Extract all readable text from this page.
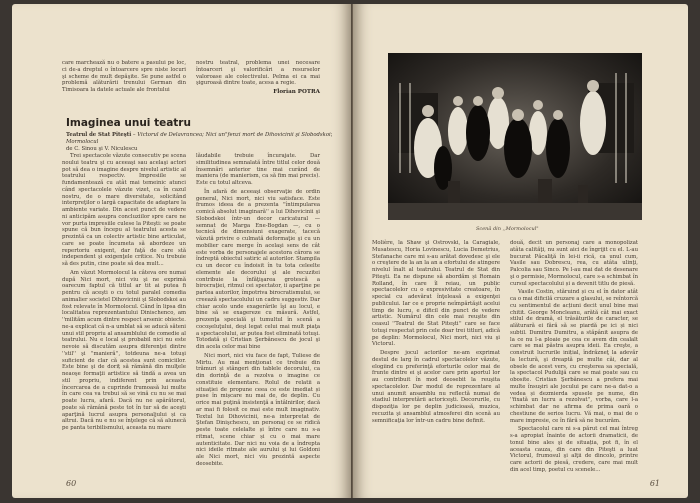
care marchează nu o batere a pasului pe loc, ci de-a dreptul o întoarcere spre niste locuri şi scheme de mult depăşite. Se pune astfel o problemă alăturării trenului German din Timisoara la datele actuale ale frontului

nostru teatral, problema unei necesare întoarceri şi valorificări a resurselor valoroase ale colectivului. Pelma ei ca mai şiguroasă dintre toate, acesa a regie.

Florian POTRA
Imaginea unui teatru
Teatrul de Stat Piteşti – Victorul de Delavrancea; Nici un"fenzi mort de Dihovicinii şi Slobodskoi; Mormolocul
de C. Sinou şi V. Niculescu

Trei spectacole văzute consecutiv pe scena noului teatru şi cu aceeaşi sau acelaşi actori pot să dea o imagine despre nivelul artistic al teatrului respectiv. Impresiile se fundamentează cu atât mai temeinic atunci când spectacolele văzute vizet, ca în cazul nostru, de o mare diversitate, solicitând interpreţilor o largă capacitate de adaptare la ambiente variate. Din acest punct de vedere ni anticipăm asupra concluziilor spre care ne vor purta impresiile culese la Piteşti: se poate spune că bun începu al teatrului acesta se prezintă ca un colectiv artistic bine articulat, care se poate încumeta să abordeze un repertoriu exigent, dar faţă de care stă independent şi exigenţele critice. Nu trebuie să des putin, cine poate să dea mult...

Am văzut Mormolocul la câteva ore numai după Nici mort, nici viu şi ne exprimă oarecum faptul că titlul ar tit ai putea fi pentru că aceşti o cu totul paralel comedia animalier societel Dihovicinii şi Slobodskoi au fost relevate în Mormolocul. Când în lipsa din localitatea reprezentantului Dinischenco, am ''milităm acum dintre respect arsenic obiecte. ne-a explicat că n-a umblat să se aducă săteni unui stil propriu al ansamblului de comedie al teatrului. Nu e local și probabil nici nu este nevoie să discutăm asupra diferenţei dintre ''stil'' şi ''manieră'', totdeuna ne-a totuşi suficient de clar că acestea sunt comiciilor. Este bine şi de doriț să rămână din mulţele neaoşe formaţii artistice să tindă a avea un stil propriu, indiferent prin aceasta încercarea de a cuprinde frumoasă lui multe în care cea va trebui să se vină cu nu se mai poate lucra, afară. Dacă nu ne apărătorul, poate să rămână peste tot în tur să de aceşti aparţină lucrul asupra personaljului și ca altrui. Dacă nu e nu se înţelege că să alunecă pe panta teribilismului, aceasta nu mare

lăudabile trebuie încurajate. Dar similitudinea semnalată între titlul celor două însemnări anterior tine mai curând de maniera (de manierism, ca să fim mai precis). Este cu totul altceva.

În afară de aceeaşi observaţie de ordin general, Nici mort, nici viu satisface. Este frumos ideea de a prezenta ''întimpularea comică absolut imaginară'' a lui Dihovicinii şi Slobodskoi într-un decor caricatural — semnat de Marga Ene-Bogdan —, cu o tecnică de dimensiuni exagerate, tacecă văzută privire o culmată deformaţie şi cu un mobilier care merge în acelaşi sens de cât este vorba de personajele acestora cărora se îndreptă obiectul satiric al autorilor. Stampila cu un decor cu îndoisit în tu tota celeelte elemente ale decorului şi ale recuzitei contribuie la înfăţişarea grotescă a birocraţiei, ritmul cei spectator, ii aparţine pe partea autorilor, împotriva birocratismului, se creează spectacolului un cadru suggestiv. Dar chiar acolo unde exagerările îşi au locul, e bine să se exagereze cu măsură. Astfel, prezenţa specială şi tumultul în scenă a cocoşeluţului, deşi legat celui mai mult piaţa a spectacolului, ar putea fost eliminată totuşi. Totodată şi Cristian Şerbănescu de jocul şi din acela celor mai bine

Nici mort, nici viu face de fapt, Tuliese de Mirtu. Au mai menţionat ce trebuie din trămuri şi stângeri din tablele decorului, ca din dorință de a rezolva o imagine ce constituie elementare. Rolul de relatii a situației de propune ceea ce este imediat și puse în mișcare nu mai de, de deplin. Cu orice mai puţină insistenţă a întâlnirilor, dacă ar mai fi folosit ce mai este mult imaginativ. Textul lui Dihovicinii, ne-a interpretat de Ştefan Dinişchescu, un personaj ce se ridică peste toate celelalte și între care nu s-a ritmat, scene chiar și cu o mai mare autenticitate. Dar nici nu voia de a îndrepta nici ideile ritmate ale aurului şi lui Goldoni ale Nici mort, nici viu prezintă aspecte deosebite.

60	61
Scenă din ,,Mormolocul"

Molière, la Shaw şi Ostrovski, la Caragiale, Musatescu, Horia Lovinescu, Lucia Demetrius, Stefanache care mi s-au arătat dovedesc şi ele o creştere de la an la an a efortului de atingere nivelul înalt al teatrului. Teatrul de Stat din Piteşti. Ea ne dispune să abordăm și Romain Rolland, în care îl reiau, un public spectacolelor cu o expresivitate creatoare, în special cu adevărat înţeleasă a exigenţei publicului. Iar ce e proprie neîmpărtăşit acelui timp de lucru, e dificil din punct de vedere artistic. Numărul din cele mai reuşite din ceasul ''Teatrul de Stat Piteşti'' care se face totuşi respectat prin cele doar trei titluri, adică pe deplin: Mormolocul, Nici mort, nici viu şi Victorul.

Despre jocul actorilor ne-am exprimat destul de larg în cadrul spectacolelor văzute, elogiind cu preferinţă eforturile celor mai de frunte dintre ei şi acelor care prin aportul lor au contribuit în mod deosebit la reuşita spectacolelor. Dar modul de reprezentare al unui anumit ansamblu nu reflectă numai de stadiul interpretării actoriceşti. Decorurile, cu dispoziţia lor pe deplin judicioasă, muzica, recuzita şi ansamblul atmosferei din scenă au semnificaţia lor într-un cadru bine definit.

două, decit un personaj care a monopolizat atâta calităţi, nu sunt aici de îngrijit cu el. L-au bucurat Păcaliţă în lei-ii rică, ca unul cum, Vasile sau Dobrescu, rea, cu atâta ulinţi, Palcolia sau Sinco. Pe l-au mai dat de desenare şi o permisie, Mormolocul, care s-a schimbat în cursul spectacolului și a devenit titlu de piesă.

Vasile Costin, stăruind și cu el în dator atât ca o mai dificilă cruzare a glasului, se reîntorcă cu sentimentul de acțiuni decit unul bine mai chitit. George Moncleanu, arătă cât mai exact stilul de dramă, el trăsăturile de caracter, se alăturară ei fără să se piardă pe ici și nici subtil. Dumitru Dumitru, a stăpânit asupra de la ce nu l-a ploaie pe cea ce avem din cealalt care se mai păstra asupra ideii. Ea creşte, a construit lucrurile inițial, îndrăzneţ la adevăr la lectură, şi dreaptă pe multe căi, dar al obsele de acest vers, cu creşterea sa specială, la spectacol Pudulijă care se mai poate sau cu obosite. Cristian Şerbănescu a prefera mai multe însuşiri ale jocului pe care ne-a dat-o a vedea și dezmierda spusele pe nume, din ''fixată un lucru a rezolvat'', vorba, care l-a schimbat dar ne afirma de prima oară o chestiune de serios lucru. Vă mai, o mai de o mare impresie, ce în fără să ne bucurăm.

Spectacolul care ni s-a părut cel mai întreg s-a apropiat înainte de actorii dramaticii, de tonul bine ales şi de situația, pot fi, în el aceasta cauza, din care din Piteşti a luat Victorul, frumosul şi alţii de dincolo, printre care actorii de piesă, credere, care mai mult din acel timp, poetul cu scenele...
